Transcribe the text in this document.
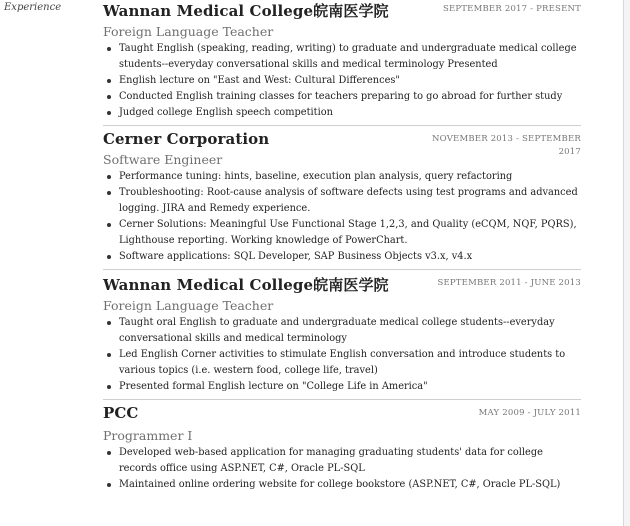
Experience	Wannan Medical College皖南医学院	SEPTEMBER 2017 - PRESENT
Foreign Language Teacher
Taught English (speaking, reading, writing) to graduate and undergraduate medical college students--everyday conversational skills and medical terminology Presented
English lecture on "East and West: Cultural Differences"
Conducted English training classes for teachers preparing to go abroad for further study
Judged college English speech competition
Cerner Corporation	NOVEMBER 2013 - SEPTEMBER 2017
Software Engineer
Performance tuning: hints, baseline, execution plan analysis, query refactoring
Troubleshooting: Root-cause analysis of software defects using test programs and advanced logging. JIRA and Remedy experience.
Cerner Solutions: Meaningful Use Functional Stage 1,2,3, and Quality (eCQM, NQF, PQRS), Lighthouse reporting. Working knowledge of PowerChart.
Software applications: SQL Developer, SAP Business Objects v3.x, v4.x
Wannan Medical College皖南医学院	SEPTEMBER 2011 - JUNE 2013
Foreign Language Teacher
Taught oral English to graduate and undergraduate medical college students--everyday conversational skills and medical terminology
Led English Corner activities to stimulate English conversation and introduce students to various topics (i.e. western food, college life, travel)
Presented formal English lecture on "College Life in America"
PCC	MAY 2009 - JULY 2011
Programmer I
Developed web-based application for managing graduating students' data for college records office using ASP.NET, C#, Oracle PL-SQL
Maintained online ordering website for college bookstore (ASP.NET, C#, Oracle PL-SQL)
